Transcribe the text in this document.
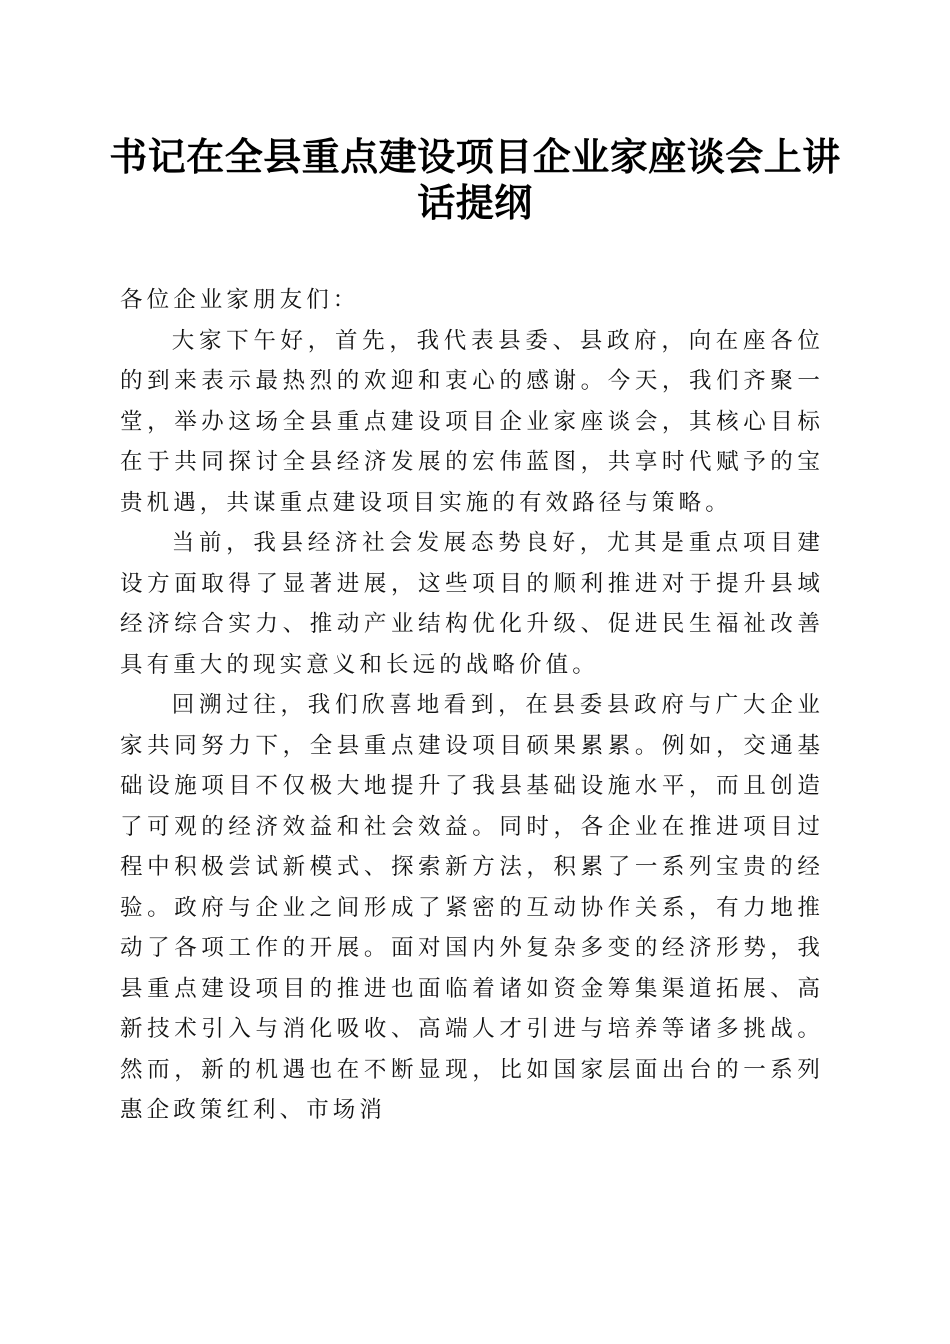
书记在全县重点建设项目企业家座谈会上讲话提纲

各位企业家朋友们：

大家下午好，首先，我代表县委、县政府，向在座各位的到来表示最热烈的欢迎和衷心的感谢。今天，我们齐聚一堂，举办这场全县重点建设项目企业家座谈会，其核心目标在于共同探讨全县经济发展的宏伟蓝图，共享时代赋予的宝贵机遇，共谋重点建设项目实施的有效路径与策略。

当前，我县经济社会发展态势良好，尤其是重点项目建设方面取得了显著进展，这些项目的顺利推进对于提升县域经济综合实力、推动产业结构优化升级、促进民生福祉改善具有重大的现实意义和长远的战略价值。

回溯过往，我们欣喜地看到，在县委县政府与广大企业家共同努力下，全县重点建设项目硕果累累。例如，交通基础设施项目不仅极大地提升了我县基础设施水平，而且创造了可观的经济效益和社会效益。同时，各企业在推进项目过程中积极尝试新模式、探索新方法，积累了一系列宝贵的经验。政府与企业之间形成了紧密的互动协作关系，有力地推动了各项工作的开展。面对国内外复杂多变的经济形势，我县重点建设项目的推进也面临着诸如资金筹集渠道拓展、高新技术引入与消化吸收、高端人才引进与培养等诸多挑战。然而，新的机遇也在不断显现，比如国家层面出台的一系列惠企政策红利、市场消
